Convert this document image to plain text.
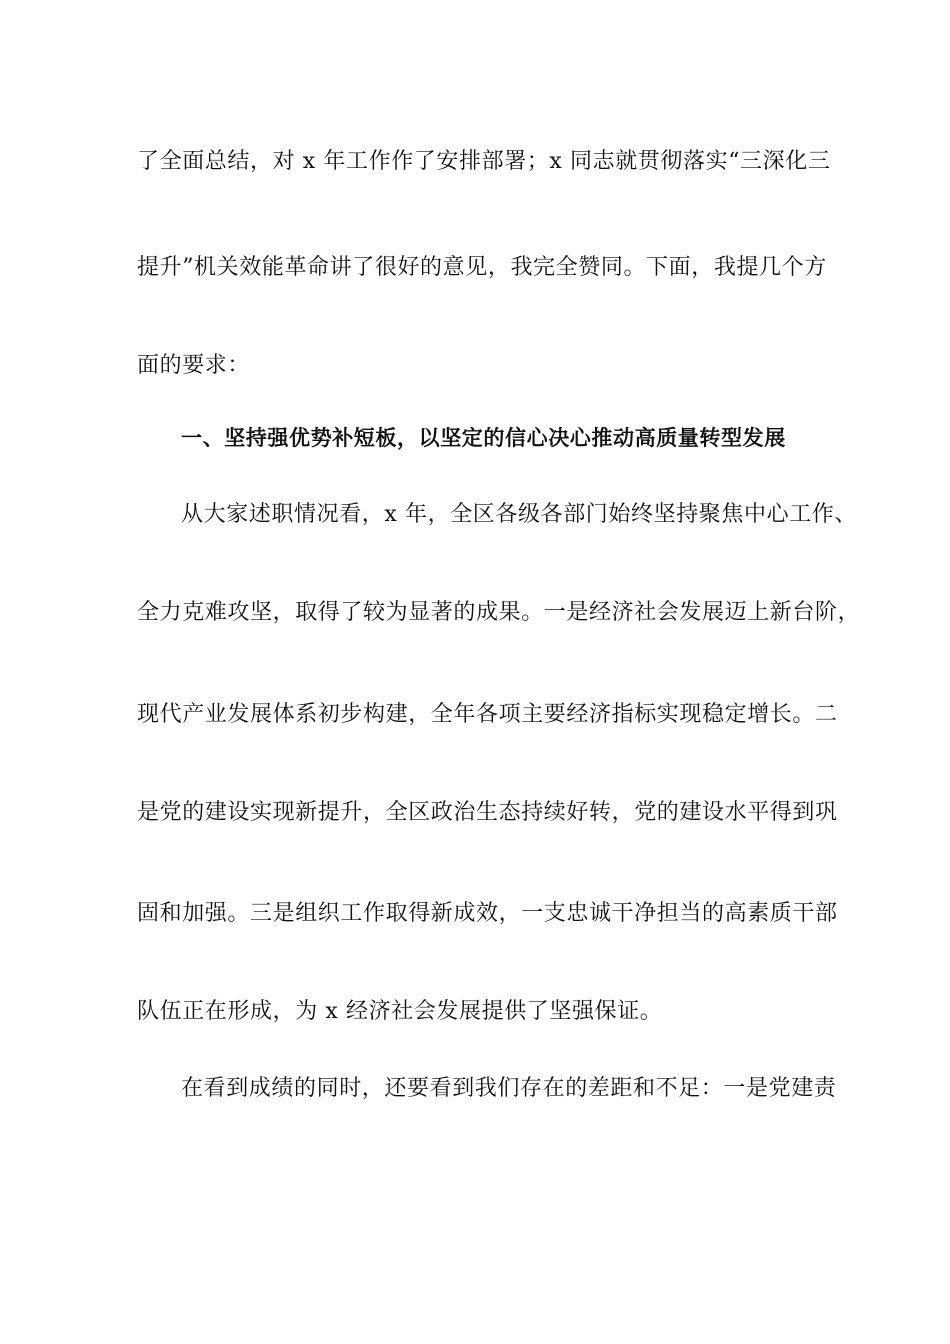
了全面总结，对 x 年工作作了安排部署；x 同志就贯彻落实“三深化三
提升”机关效能革命讲了很好的意见，我完全赞同。下面，我提几个方
面的要求：
一、坚持强优势补短板，以坚定的信心决心推动高质量转型发展
从大家述职情况看，x 年，全区各级各部门始终坚持聚焦中心工作、
全力克难攻坚，取得了较为显著的成果。一是经济社会发展迈上新台阶，
现代产业发展体系初步构建，全年各项主要经济指标实现稳定增长。二
是党的建设实现新提升，全区政治生态持续好转，党的建设水平得到巩
固和加强。三是组织工作取得新成效，一支忠诚干净担当的高素质干部
队伍正在形成，为 x 经济社会发展提供了坚强保证。
在看到成绩的同时，还要看到我们存在的差距和不足：一是党建责
